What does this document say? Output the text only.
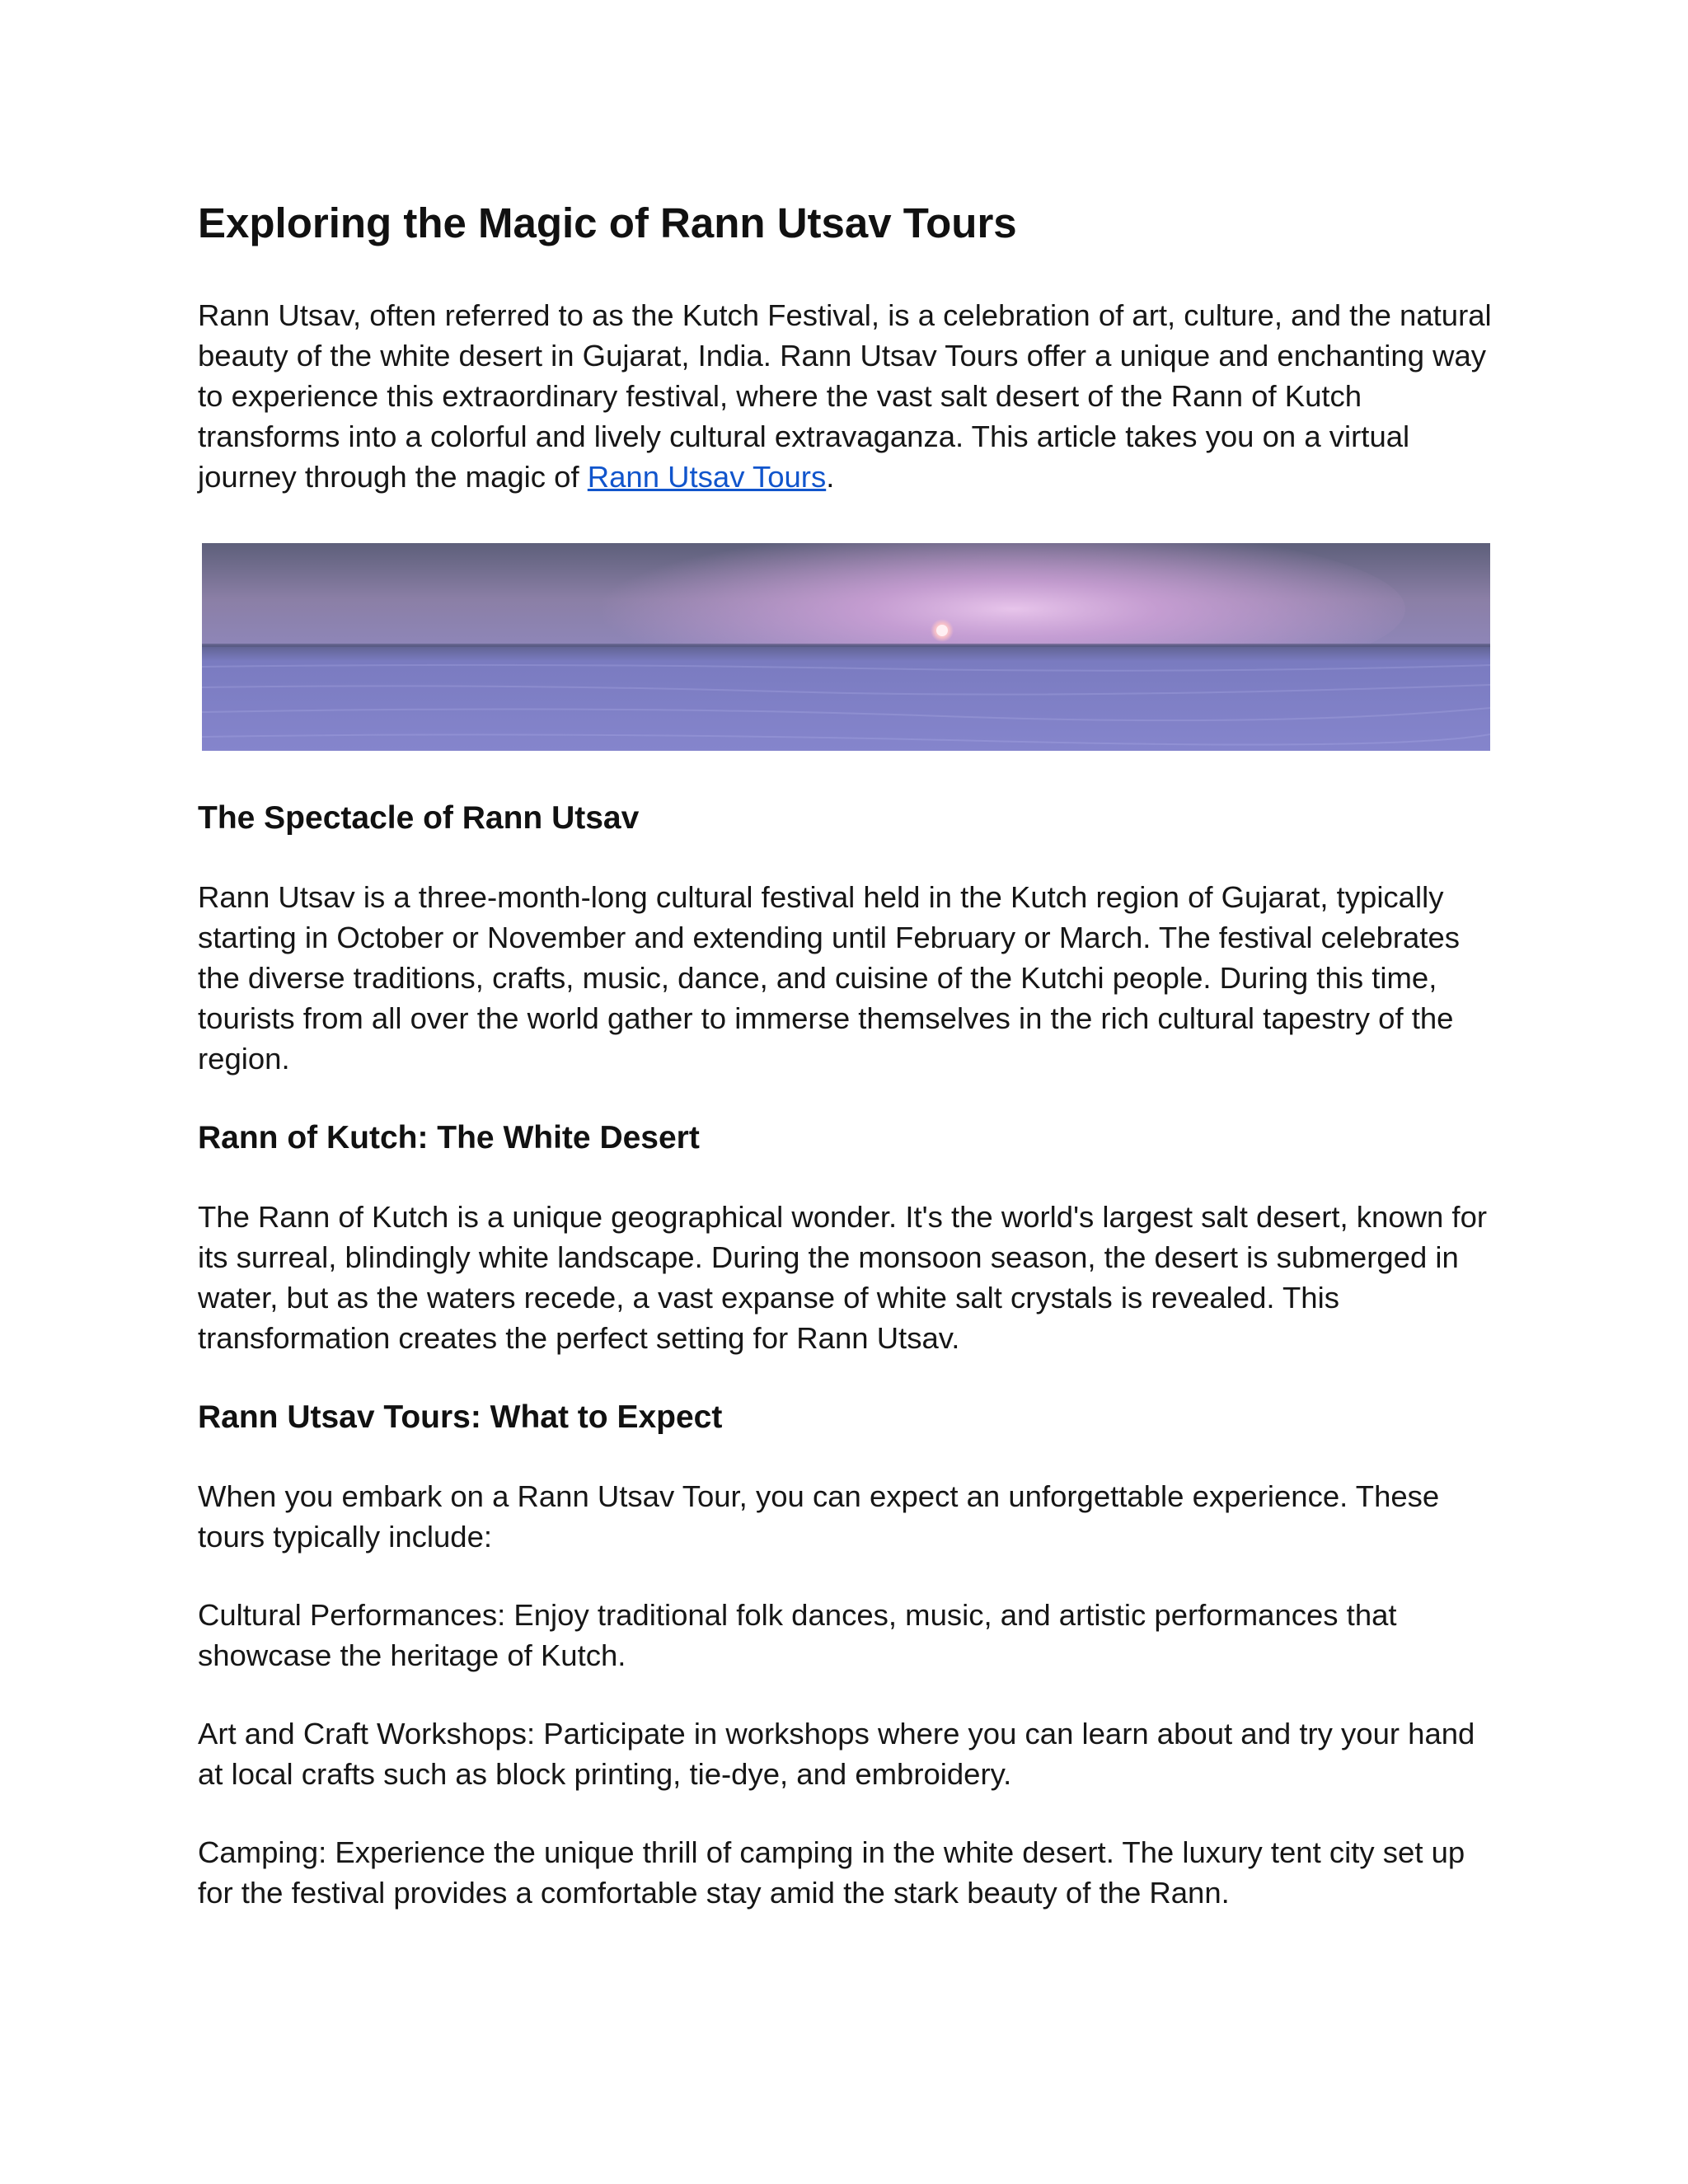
Exploring the Magic of Rann Utsav Tours

Rann Utsav, often referred to as the Kutch Festival, is a celebration of art, culture, and the natural beauty of the white desert in Gujarat, India. Rann Utsav Tours offer a unique and enchanting way to experience this extraordinary festival, where the vast salt desert of the Rann of Kutch transforms into a colorful and lively cultural extravaganza. This article takes you on a virtual journey through the magic of Rann Utsav Tours.

The Spectacle of Rann Utsav

Rann Utsav is a three-month-long cultural festival held in the Kutch region of Gujarat, typically starting in October or November and extending until February or March. The festival celebrates the diverse traditions, crafts, music, dance, and cuisine of the Kutchi people. During this time, tourists from all over the world gather to immerse themselves in the rich cultural tapestry of the region.

Rann of Kutch: The White Desert

The Rann of Kutch is a unique geographical wonder. It's the world's largest salt desert, known for its surreal, blindingly white landscape. During the monsoon season, the desert is submerged in water, but as the waters recede, a vast expanse of white salt crystals is revealed. This transformation creates the perfect setting for Rann Utsav.

Rann Utsav Tours: What to Expect

When you embark on a Rann Utsav Tour, you can expect an unforgettable experience. These tours typically include:

Cultural Performances: Enjoy traditional folk dances, music, and artistic performances that showcase the heritage of Kutch.

Art and Craft Workshops: Participate in workshops where you can learn about and try your hand at local crafts such as block printing, tie-dye, and embroidery.

Camping: Experience the unique thrill of camping in the white desert. The luxury tent city set up for the festival provides a comfortable stay amid the stark beauty of the Rann.
